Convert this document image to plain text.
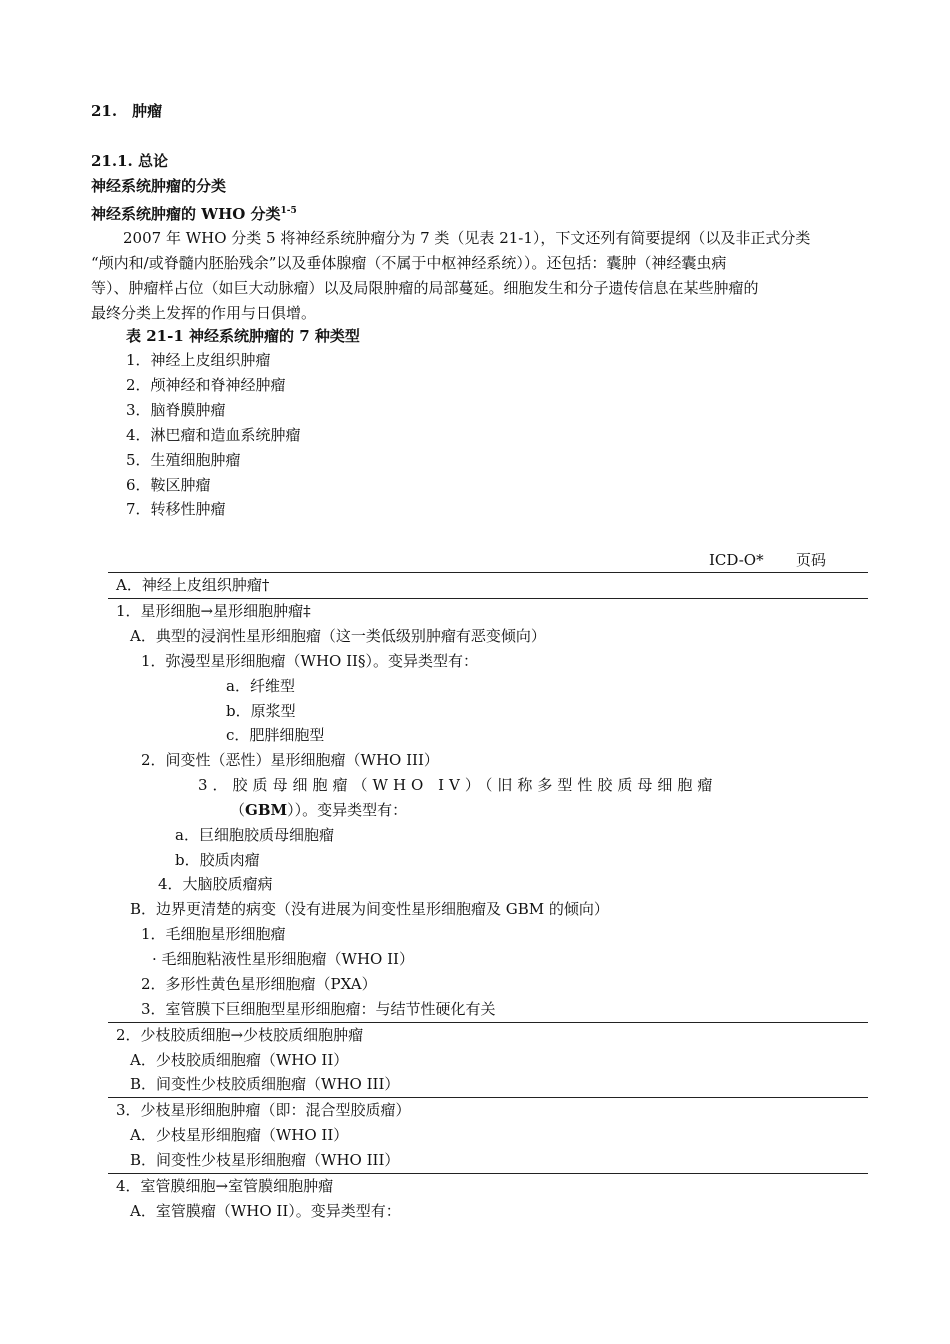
21.　肿瘤
21.1. 总论
神经系统肿瘤的分类
神经系统肿瘤的 WHO 分类$^{1-5}$

2007 年 WHO 分类 5 将神经系统肿瘤分为 7 类（见表 21-1），下文还列有简要提纲（以及非正式分类

“颅内和/或脊髓内胚胎残余”以及垂体腺瘤（不属于中枢神经系统））。还包括：囊肿（神经囊虫病

等）、肿瘤样占位（如巨大动脉瘤）以及局限肿瘤的局部蔓延。细胞发生和分子遗传信息在某些肿瘤的

最终分类上发挥的作用与日俱增。

表 21-1 神经系统肿瘤的 7 种类型
1．神经上皮组织肿瘤
2．颅神经和脊神经肿瘤
3．脑脊膜肿瘤
4．淋巴瘤和造血系统肿瘤
5．生殖细胞肿瘤
6．鞍区肿瘤
7．转移性肿瘤
ICD-O* 页码
A．神经上皮组织肿瘤†
1．星形细胞→星形细胞肿瘤‡
A．典型的浸润性星形细胞瘤（这一类低级别肿瘤有恶变倾向）
1．弥漫型星形细胞瘤（WHO II§）。变异类型有：
a．纤维型
b．原浆型
c．肥胖细胞型
2．间变性（恶性）星形细胞瘤（WHO III）
3．胶质母细胞瘤（WHO IV）（旧称多型性胶质母细胞瘤
（GBM））。变异类型有：
a．巨细胞胶质母细胞瘤
b．胶质肉瘤
4．大脑胶质瘤病
B．边界更清楚的病变（没有进展为间变性星形细胞瘤及 GBM 的倾向）
1．毛细胞星形细胞瘤
· 毛细胞粘液性星形细胞瘤（WHO II）
2．多形性黄色星形细胞瘤（PXA）
3．室管膜下巨细胞型星形细胞瘤：与结节性硬化有关
2．少枝胶质细胞→少枝胶质细胞肿瘤
A．少枝胶质细胞瘤（WHO II）
B．间变性少枝胶质细胞瘤（WHO III）
3．少枝星形细胞肿瘤（即：混合型胶质瘤）
A．少枝星形细胞瘤（WHO II）
B．间变性少枝星形细胞瘤（WHO III）
4．室管膜细胞→室管膜细胞肿瘤
A．室管膜瘤（WHO II）。变异类型有：
